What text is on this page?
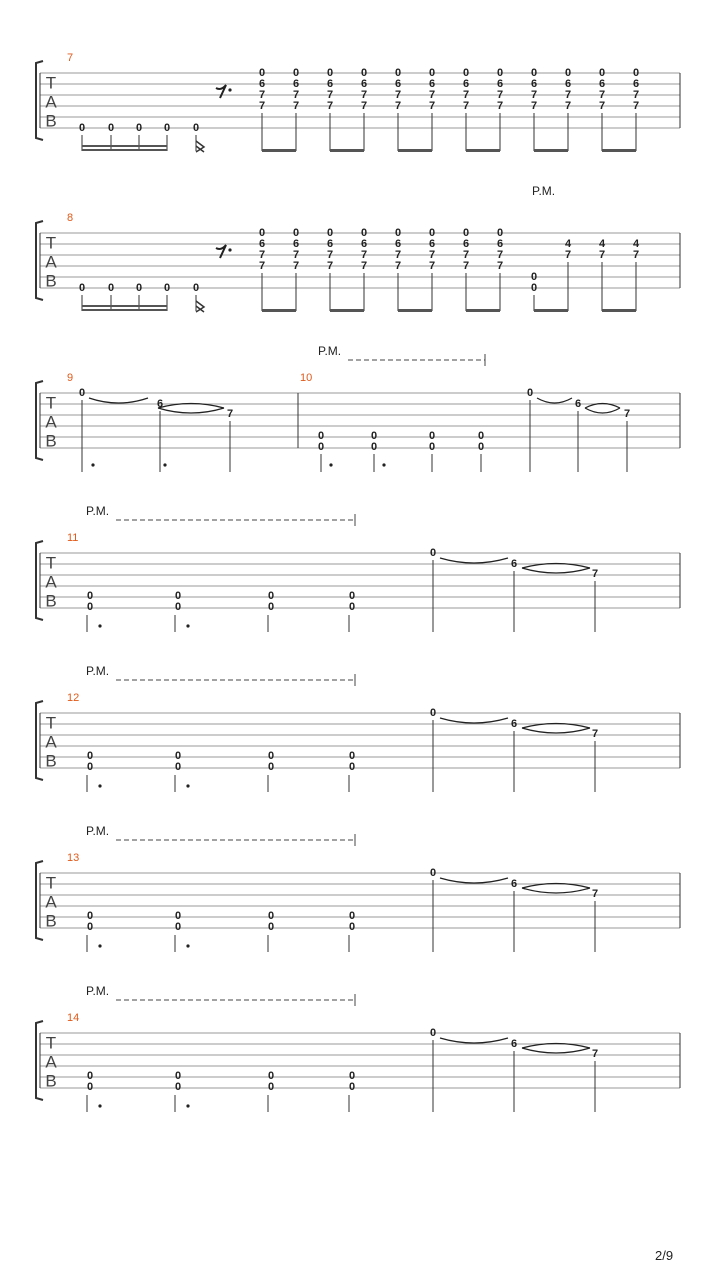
T
A
B
7
0 0 0 0 0
0
6
7
7
0
6
7
7
0
6
7
7
0
6
7
7
0
6
7
7
0
6
7
7
0
6
7
7
0
6
7
7
0
6
7
7
0
6
7
7
0
6
7
7
0
6
7
7
T
A
B
8
P.M.
0 0 0 0 0
0
6
7
7
0
6
7
7
0
6
7
7
0
6
7
7
0
6
7
7
0
6
7
7
0
6
7
7
0
6
7
7
0
0
4
7
4
7
4
7
T
A
B
9	10
P.M.
0
6
7
0
0
0
0
0
0
0
0
0
6
7
T
A
B
11
P.M.
0
0
0
0
0
0
0
0
0
6
7
T
A
B
12
P.M.
0
0
0
0
0
0
0
0
0
6
7
T
A
B
13
P.M.
0
0
0
0
0
0
0
0
0
6
7
T
A
B
14
P.M.
0
0
0
0
0
0
0
0
0
6
7
2/9
